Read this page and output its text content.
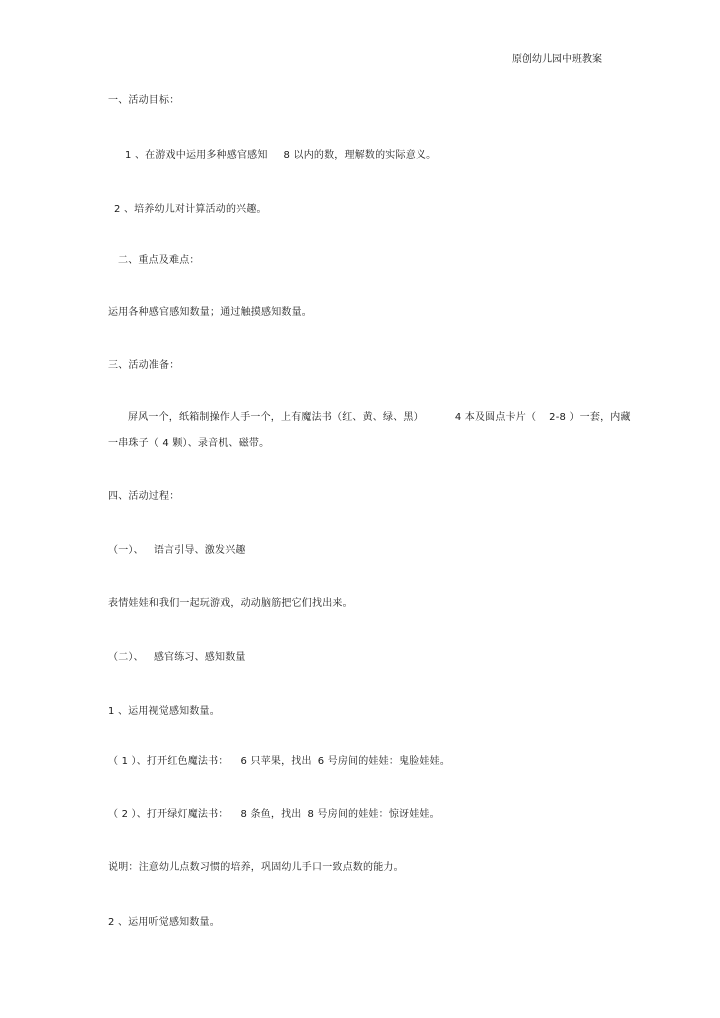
原创幼儿园中班教案
一、活动目标：
1 、在游戏中运用多种感官感知 8 以内的数，理解数的实际意义。
2 、培养幼儿对计算活动的兴趣。
二、重点及难点：
运用各种感官感知数量；通过触摸感知数量。
三、活动准备：
屏风一个，纸箱制操作人手一个，上有魔法书（红、黄、绿、黑）	4 本及圆点卡片（ 2-8 ）一套，内藏
一串珠子（ 4 颗）、录音机、磁带。
四、活动过程：
（一）、 语言引导、激发兴趣
表情娃娃和我们一起玩游戏，动动脑筋把它们找出来。
（二）、 感官练习、感知数量
1 、运用视觉感知数量。
（ 1 ）、打开红色魔法书： 6 只苹果，找出 6 号房间的娃娃：鬼脸娃娃。
（ 2 ）、打开绿灯魔法书： 8 条鱼，找出 8 号房间的娃娃：惊讶娃娃。
说明：注意幼儿点数习惯的培养，巩固幼儿手口一致点数的能力。
2 、运用听觉感知数量。
